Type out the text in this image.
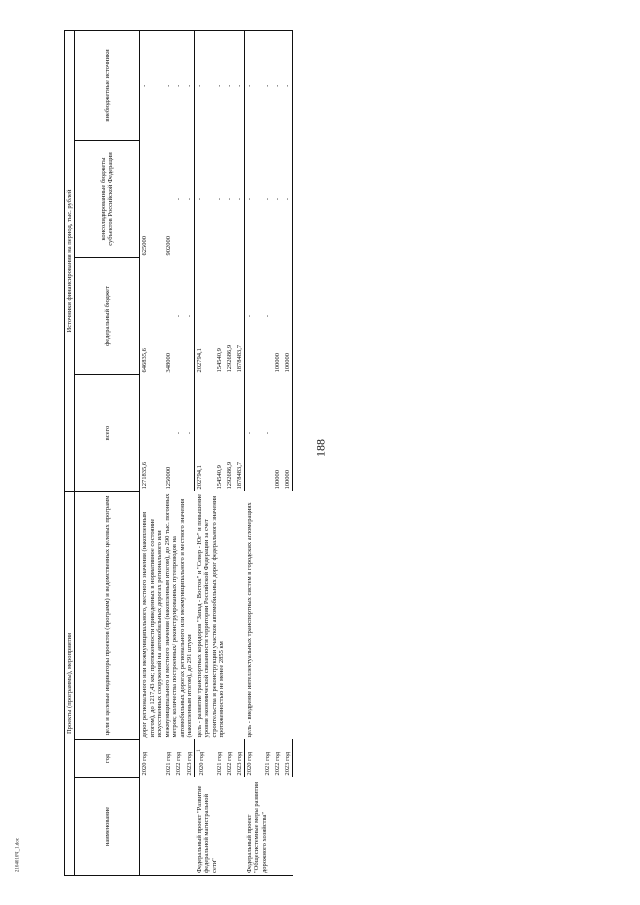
188
2104010Ч_1.doc
Проекты (программы), мероприятия			Источники финансирования на период, тыс. рублей			
наименование	год	цели и целевые индикаторы проектов (программ) и ведомственных целевых программ	всего	федеральный бюджет	консолидированные бюджеты субъектов Российской Федерации	внебюджетные источники
	2020 год	дорог регионального или межмуниципального, местного значения (накопленным итогом), до 1217,43 км; протяженности приведенных в нормативное состояние искусственных сооружений на автомобильных дорогах регионального или межмуниципального и местного значения (накопленным итогом), до 290 тыс. погонных метров; количества построенных/ реконструированных путепроводов на автомобильных дорогах регионального или межмуниципального и местного значения (накопленным итогом), до 291 штуки	1271835,6	646835,6	625000	-
	2021 год		1250000	348000	902000	-
	2022 год		-	-	-	-
	2023 год		-	-	-	-
Федеральный проект "Развитие федеральной магистральной сети"	2020 год$^1$	цель - развитие транспортных коридоров "Запад - Восток" и "Север - Юг" и повышение уровня экономической связанности территории Российской Федерации за счет строительства и реконструкции участков автомобильных дорог федерального значения протяженностью не менее 2855 км	202794,1	202794,1	-	-
	2021 год		154540,9	154540,9	-	-
	2022 год		1292686,9	1292686,9	-	-
	2023 год		1878483,7	1878483,7	-	-
Федеральный проект "Общесистемные меры развития дорожного хозяйства"	2020 год	цель - внедрение интеллектуальных транспортных систем в городских агломерациях	-	-	-	-
	2021 год		-	-	-	-
	2022 год		100000	100000	-	-
	2023 год		100000	100000	-	-
